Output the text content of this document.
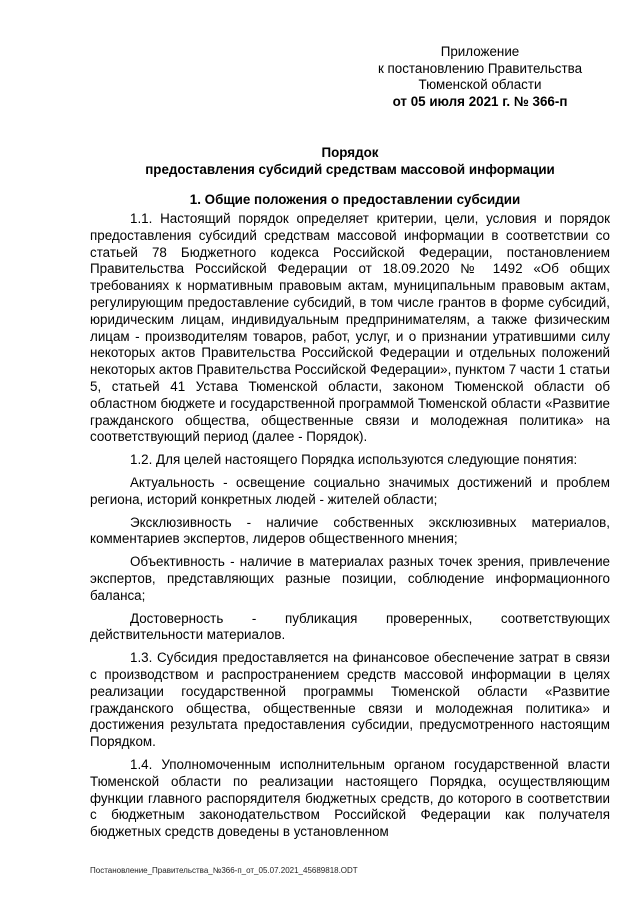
Приложение
к постановлению Правительства
Тюменской области
от 05 июля 2021 г. № 366-п
Порядок
предоставления субсидий средствам массовой информации
1. Общие положения о предоставлении субсидии

1.1. Настоящий порядок определяет критерии, цели, условия и порядок предоставления субсидий средствам массовой информации в соответствии со статьей 78 Бюджетного кодекса Российской Федерации, постановлением Правительства Российской Федерации от 18.09.2020 № 1492 «Об общих требованиях к нормативным правовым актам, муниципальным правовым актам, регулирующим предоставление субсидий, в том числе грантов в форме субсидий, юридическим лицам, индивидуальным предпринимателям, а также физическим лицам - производителям товаров, работ, услуг, и о признании утратившими силу некоторых актов Правительства Российской Федерации и отдельных положений некоторых актов Правительства Российской Федерации», пунктом 7 части 1 статьи 5, статьей 41 Устава Тюменской области, законом Тюменской области об областном бюджете и государственной программой Тюменской области «Развитие гражданского общества, общественные связи и молодежная политика» на соответствующий период (далее - Порядок).

1.2. Для целей настоящего Порядка используются следующие понятия:

Актуальность - освещение социально значимых достижений и проблем региона, историй конкретных людей - жителей области;

Эксклюзивность - наличие собственных эксклюзивных материалов, комментариев экспертов, лидеров общественного мнения;

Объективность - наличие в материалах разных точек зрения, привлечение экспертов, представляющих разные позиции, соблюдение информационного баланса;

Достоверность - публикация проверенных, соответствующих действительности материалов.

1.3. Субсидия предоставляется на финансовое обеспечение затрат в связи с производством и распространением средств массовой информации в целях реализации государственной программы Тюменской области «Развитие гражданского общества, общественные связи и молодежная политика» и достижения результата предоставления субсидии, предусмотренного настоящим Порядком.

1.4. Уполномоченным исполнительным органом государственной власти Тюменской области по реализации настоящего Порядка, осуществляющим функции главного распорядителя бюджетных средств, до которого в соответствии с бюджетным законодательством Российской Федерации как получателя бюджетных средств доведены в установленном

Постановление_Правительства_№366-п_от_05.07.2021_45689818.ODT
